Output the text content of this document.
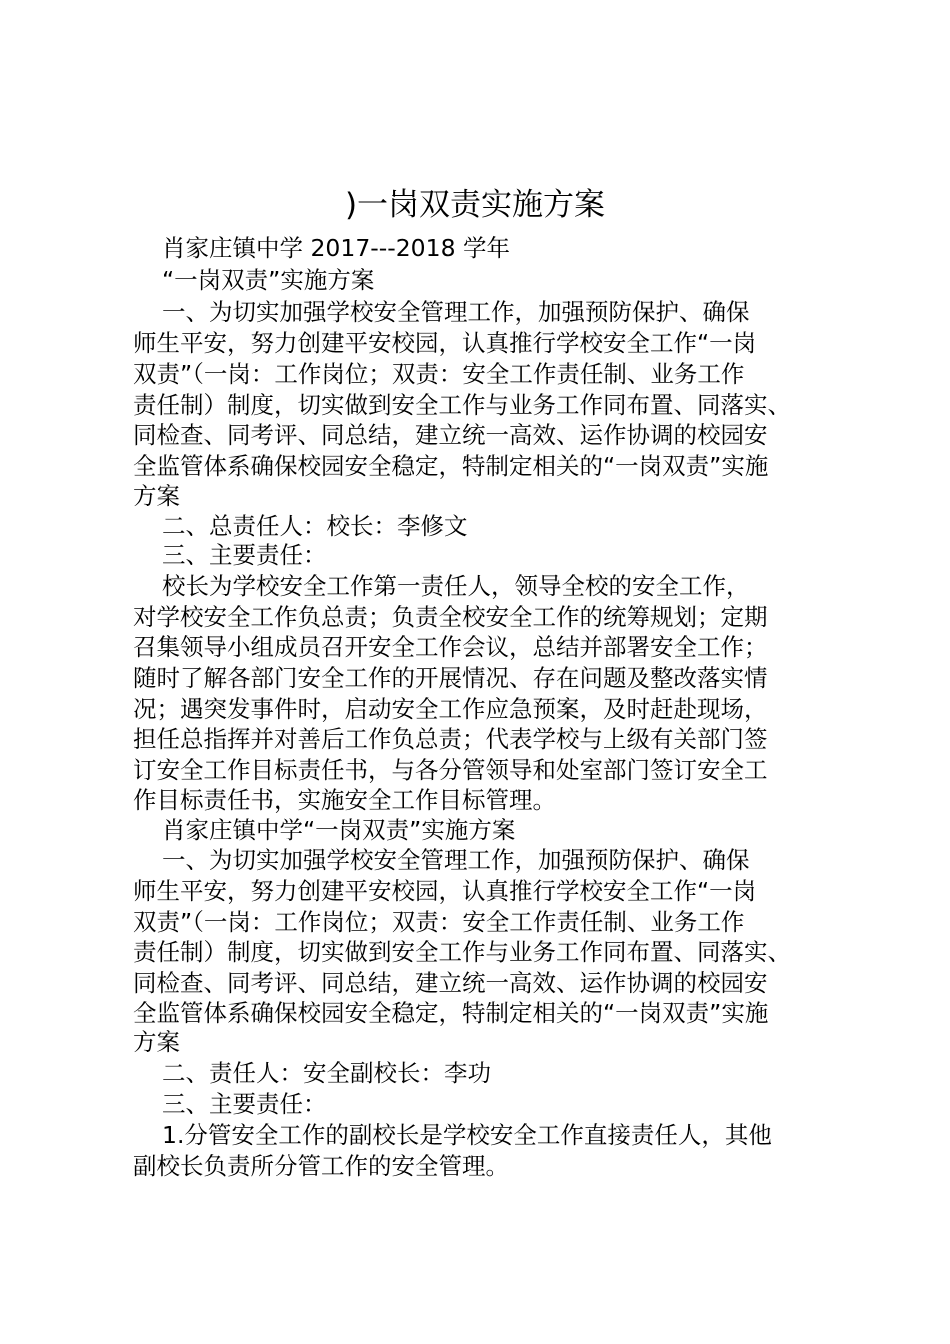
)一岗双责实施方案

肖家庄镇中学 2017---2018 学年

“一岗双责”实施方案

一、为切实加强学校安全管理工作，加强预防保护、确保

师生平安，努力创建平安校园，认真推行学校安全工作“一岗

双责”（一岗：工作岗位；双责：安全工作责任制、业务工作

责任制）制度，切实做到安全工作与业务工作同布置、同落实、

同检查、同考评、同总结，建立统一高效、运作协调的校园安

全监管体系确保校园安全稳定，特制定相关的“一岗双责”实施

方案

二、总责任人：校长：李修文

三、主要责任：

校长为学校安全工作第一责任人，领导全校的安全工作，

对学校安全工作负总责；负责全校安全工作的统筹规划；定期

召集领导小组成员召开安全工作会议，总结并部署安全工作；

随时了解各部门安全工作的开展情况、存在问题及整改落实情

况；遇突发事件时，启动安全工作应急预案，及时赶赴现场，

担任总指挥并对善后工作负总责；代表学校与上级有关部门签

订安全工作目标责任书，与各分管领导和处室部门签订安全工

作目标责任书，实施安全工作目标管理。

肖家庄镇中学“一岗双责”实施方案

一、为切实加强学校安全管理工作，加强预防保护、确保

师生平安，努力创建平安校园，认真推行学校安全工作“一岗

双责”（一岗：工作岗位；双责：安全工作责任制、业务工作

责任制）制度，切实做到安全工作与业务工作同布置、同落实、

同检查、同考评、同总结，建立统一高效、运作协调的校园安

全监管体系确保校园安全稳定，特制定相关的“一岗双责”实施

方案

二、责任人：安全副校长：李功

三、主要责任：

1.分管安全工作的副校长是学校安全工作直接责任人，其他

副校长负责所分管工作的安全管理。
